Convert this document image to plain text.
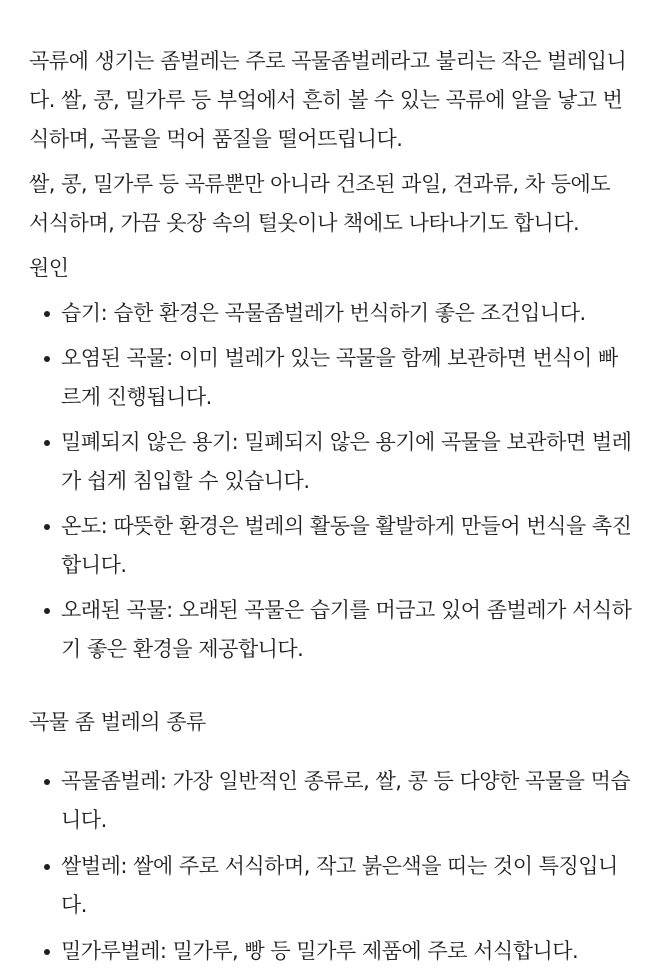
곡류에 생기는 좀벌레는 주로 곡물좀벌레라고 불리는 작은 벌레입니다. 쌀, 콩, 밀가루 등 부엌에서 흔히 볼 수 있는 곡류에 알을 낳고 번식하며, 곡물을 먹어 품질을 떨어뜨립니다.

쌀, 콩, 밀가루 등 곡류뿐만 아니라 건조된 과일, 견과류, 차 등에도 서식하며, 가끔 옷장 속의 털옷이나 책에도 나타나기도 합니다.

원인
습기: 습한 환경은 곡물좀벌레가 번식하기 좋은 조건입니다.
오염된 곡물: 이미 벌레가 있는 곡물을 함께 보관하면 번식이 빠르게 진행됩니다.
밀폐되지 않은 용기: 밀폐되지 않은 용기에 곡물을 보관하면 벌레가 쉽게 침입할 수 있습니다.
온도: 따뜻한 환경은 벌레의 활동을 활발하게 만들어 번식을 촉진합니다.
오래된 곡물: 오래된 곡물은 습기를 머금고 있어 좀벌레가 서식하기 좋은 환경을 제공합니다.
곡물 좀 벌레의 종류
곡물좀벌레: 가장 일반적인 종류로, 쌀, 콩 등 다양한 곡물을 먹습니다.
쌀벌레: 쌀에 주로 서식하며, 작고 붉은색을 띠는 것이 특징입니다.
밀가루벌레: 밀가루, 빵 등 밀가루 제품에 주로 서식합니다.
